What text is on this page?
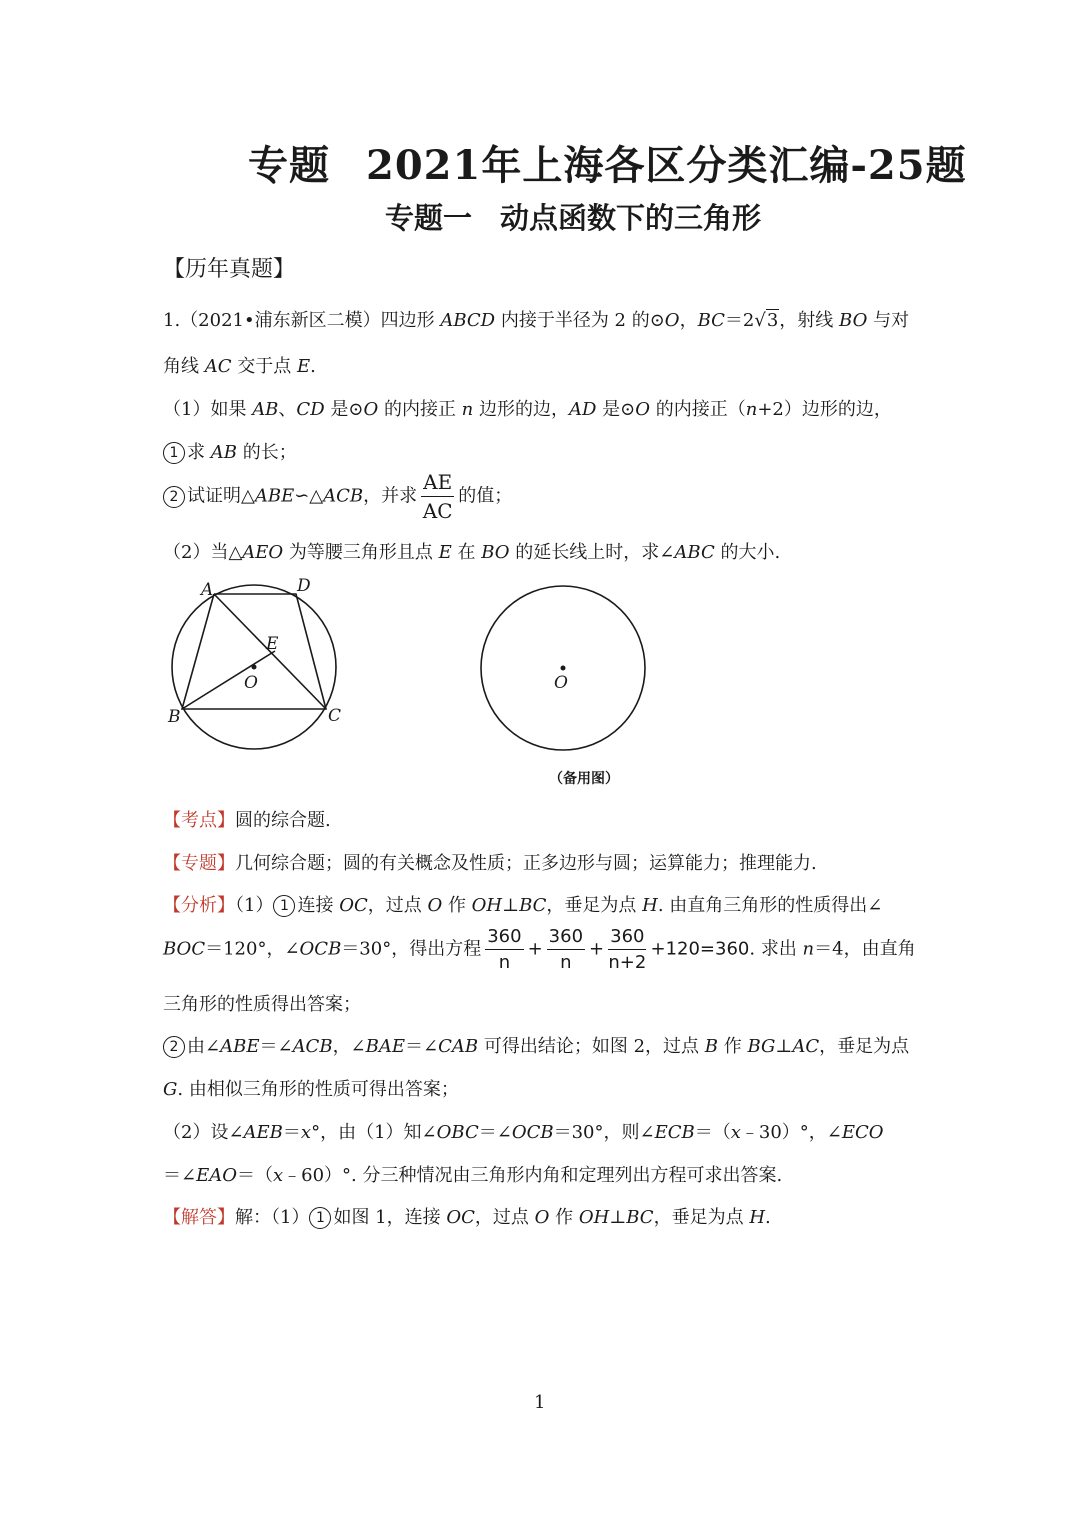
专题 2021年上海各区分类汇编-25题
专题一 动点函数下的三角形
【历年真题】
1.（2021•浦东新区二模）四边形 ABCD 内接于半径为 2 的⊙O，BC＝2√3，射线 BO 与对
角线 AC 交于点 E.
（1）如果 AB、CD 是⊙O 的内接正 n 边形的边，AD 是⊙O 的内接正（n+2）边形的边，
1 求 AB 的长；
2 试证明△ABE∽△ACB，并求 $\frac{AE}{AC}$ 的值；
（2）当△AEO 为等腰三角形且点 E 在 BO 的延长线上时，求∠ABC 的大小.
A	D
E
O
B	C
O
（备用图）
【考点】圆的综合题.
【专题】几何综合题；圆的有关概念及性质；正多边形与圆；运算能力；推理能力.
【分析】（1） 1 连接 OC，过点 O 作 OH⊥BC，垂足为点 H. 由直角三角形的性质得出∠
BOC＝120°，∠OCB＝30°，得出方程 $\frac{360}{n} + \frac{360}{n} + \frac{360}{n+2} +120=360$. 求出 n＝4，由直角
三角形的性质得出答案；
2 由∠ABE＝∠ACB，∠BAE＝∠CAB 可得出结论；如图 2，过点 B 作 BG⊥AC，垂足为点
G. 由相似三角形的性质可得出答案；
（2）设∠AEB＝x°，由（1）知∠OBC＝∠OCB＝30°，则∠ECB＝（x﹣30）°，∠ECO
＝∠EAO＝（x﹣60）°. 分三种情况由三角形内角和定理列出方程可求出答案.
【解答】解：（1） 1 如图 1，连接 OC，过点 O 作 OH⊥BC，垂足为点 H.
1
